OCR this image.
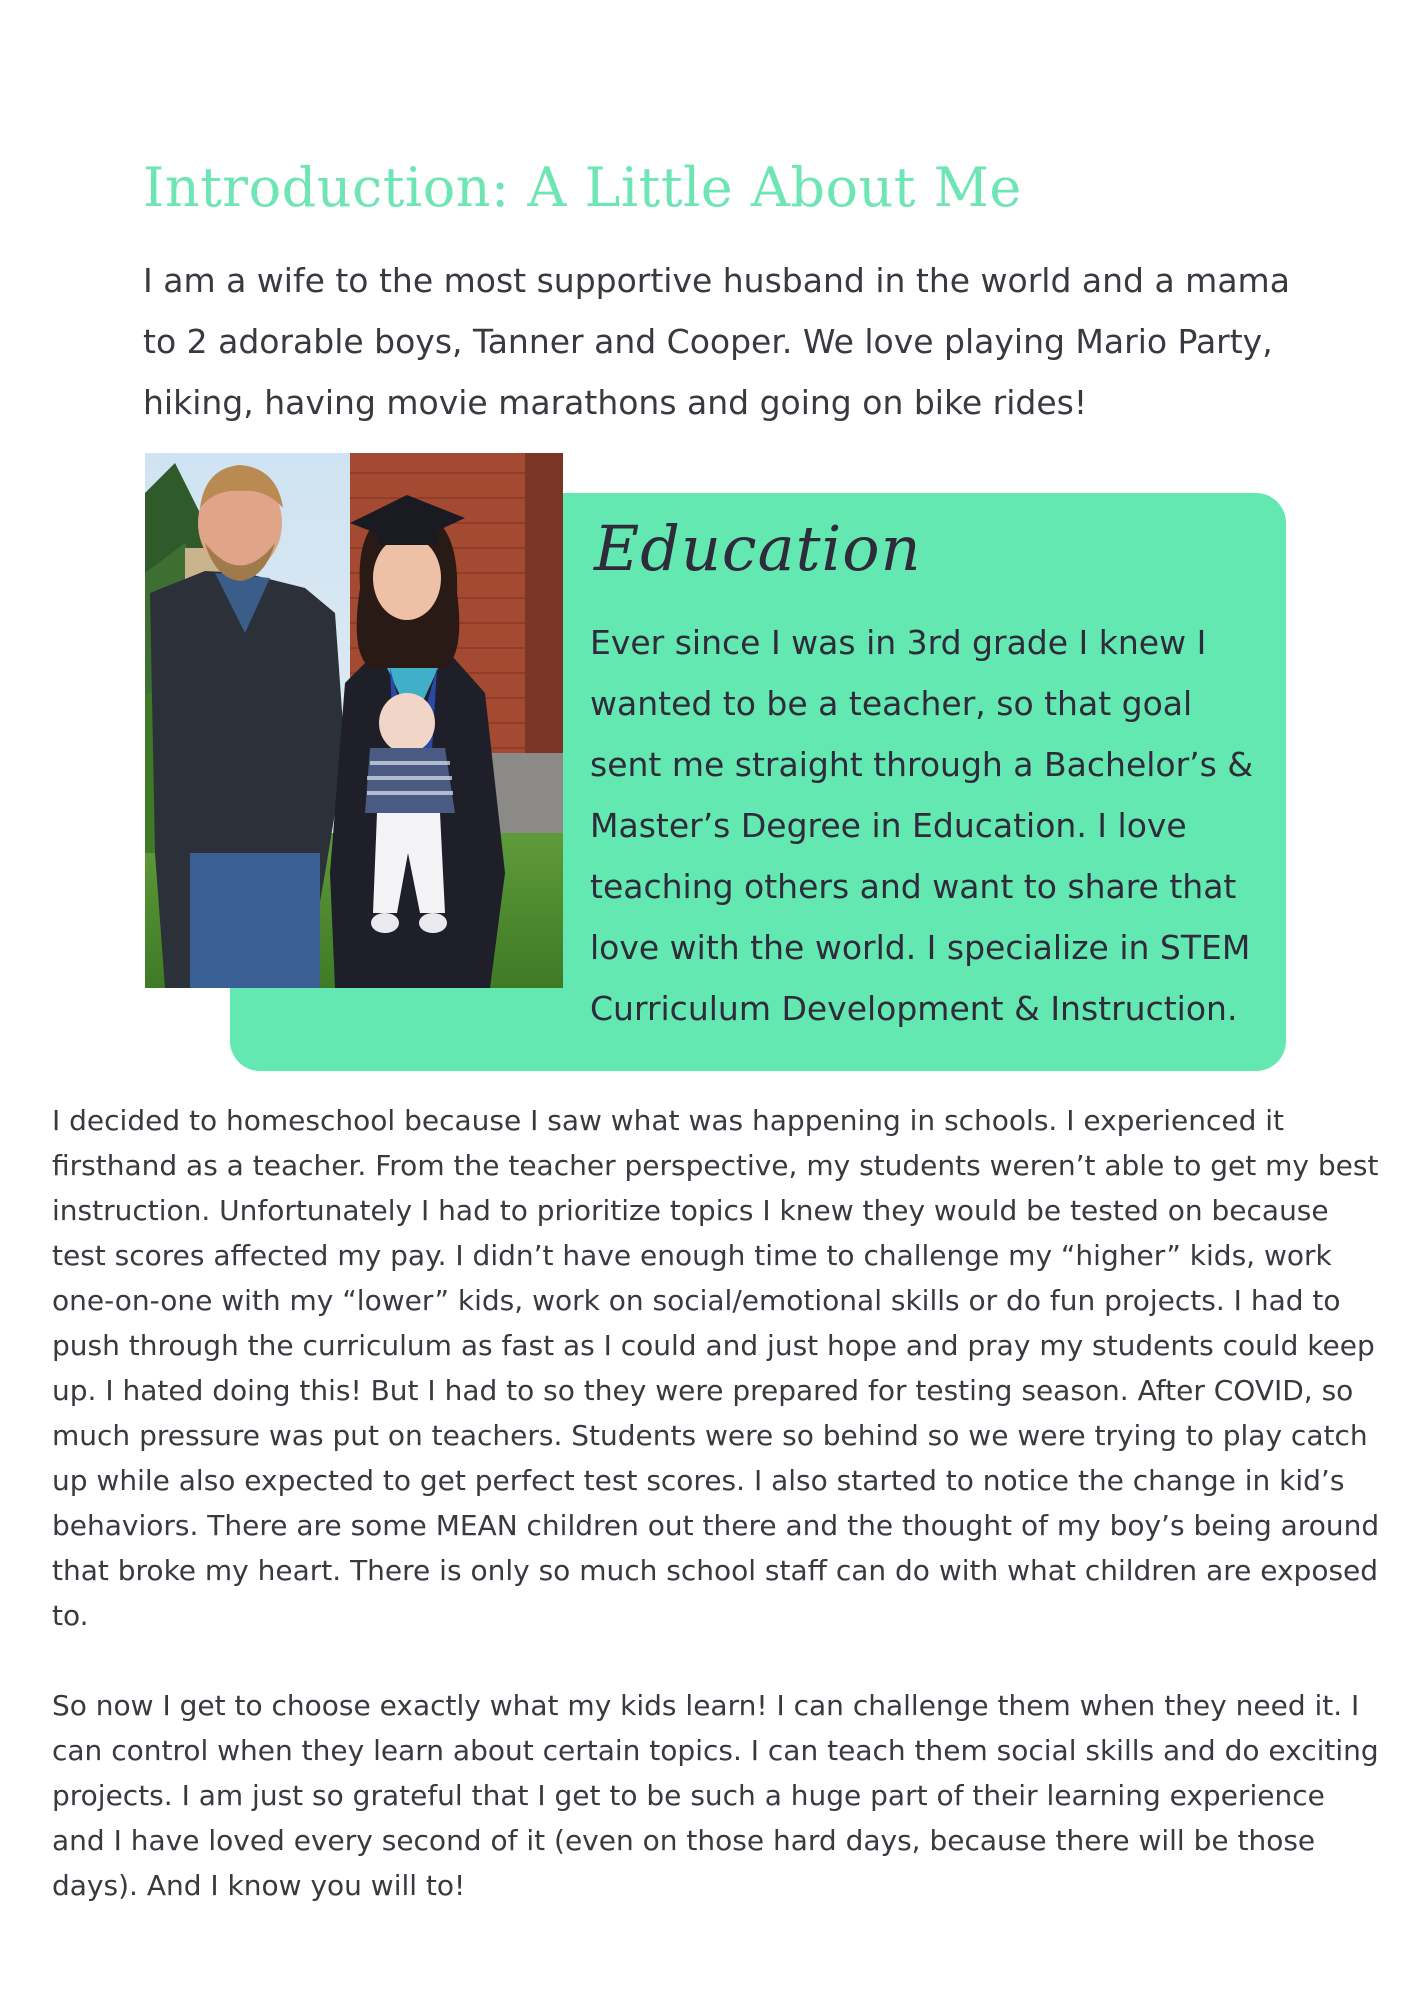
Introduction: A Little About Me

I am a wife to the most supportive husband in the world and a mama to 2 adorable boys, Tanner and Cooper. We love playing Mario Party, hiking, having movie marathons and going on bike rides!

Education

Ever since I was in 3rd grade I knew I wanted to be a teacher, so that goal sent me straight through a Bachelor’s & Master’s Degree in Education. I love teaching others and want to share that love with the world. I specialize in STEM Curriculum Development & Instruction.

I decided to homeschool because I saw what was happening in schools. I experienced it firsthand as a teacher. From the teacher perspective, my students weren’t able to get my best instruction. Unfortunately I had to prioritize topics I knew they would be tested on because test scores affected my pay. I didn’t have enough time to challenge my “higher” kids, work one-on-one with my “lower” kids, work on social/emotional skills or do fun projects. I had to push through the curriculum as fast as I could and just hope and pray my students could keep up. I hated doing this! But I had to so they were prepared for testing season. After COVID, so much pressure was put on teachers. Students were so behind so we were trying to play catch up while also expected to get perfect test scores. I also started to notice the change in kid’s behaviors. There are some MEAN children out there and the thought of my boy’s being around that broke my heart. There is only so much school staff can do with what children are exposed to.

So now I get to choose exactly what my kids learn! I can challenge them when they need it. I can control when they learn about certain topics. I can teach them social skills and do exciting projects. I am just so grateful that I get to be such a huge part of their learning experience and I have loved every second of it (even on those hard days, because there will be those days). And I know you will to!
